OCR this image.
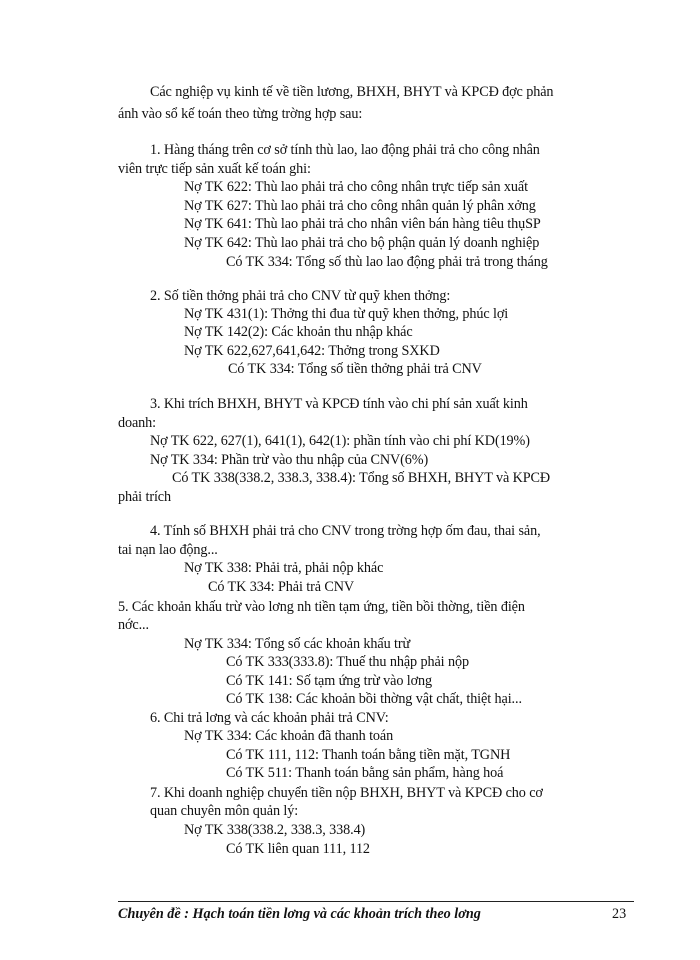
Các nghiệp vụ kinh tế về tiền lương, BHXH, BHYT và KPCĐ đợc phản
ánh vào sổ kế toán theo từng trờng hợp sau:
1. Hàng tháng trên cơ sở tính thù lao, lao động phải trả cho công nhân
viên trực tiếp sản xuất kế toán ghi:
Nợ TK 622: Thù lao phải trả cho công nhân trực tiếp sản xuất
Nợ TK 627: Thù lao phải trả cho công nhân quản lý phân xởng
Nợ TK 641: Thù lao phải trả cho nhân viên bán hàng tiêu thụSP
Nợ TK 642: Thù lao phải trả cho bộ phận quản lý doanh nghiệp
Có TK 334: Tổng số thù lao lao động phải trả trong tháng
2. Số tiền thởng phải trả cho CNV từ quỹ khen thởng:
Nợ TK 431(1): Thởng thi đua từ quỹ khen thởng, phúc lợi
Nợ TK 142(2): Các khoản thu nhập khác
Nợ TK 622,627,641,642: Thởng trong SXKD
Có TK 334: Tổng số tiền thởng phải trả CNV
3. Khi trích BHXH, BHYT và KPCĐ tính vào chi phí sản xuất kinh
doanh:
Nợ TK 622, 627(1), 641(1), 642(1): phần tính vào chi phí KD(19%)
Nợ TK 334: Phần trừ vào thu nhập của CNV(6%)
Có TK 338(338.2, 338.3, 338.4): Tổng số BHXH, BHYT và KPCĐ
phải trích
4. Tính số BHXH phải trả cho CNV trong trờng hợp ốm đau, thai sản,
tai nạn lao động...
Nợ TK 338: Phải trả, phải nộp khác
Có TK 334: Phải trả CNV
5. Các khoản khấu trừ vào lơng nh tiền tạm ứng, tiền bồi thờng, tiền điện
nớc...
Nợ TK 334: Tổng số các khoản khấu trừ
Có TK 333(333.8): Thuế thu nhập phải nộp
Có TK 141: Số tạm ứng trừ vào lơng
Có TK 138: Các khoản bồi thờng vật chất, thiệt hại...
6. Chi trả lơng và các khoản phải trả CNV:
Nợ TK 334: Các khoản đã thanh toán
Có TK 111, 112: Thanh toán bằng tiền mặt, TGNH
Có TK 511: Thanh toán bằng sản phẩm, hàng hoá
7. Khi doanh nghiệp chuyển tiền nộp BHXH, BHYT và KPCĐ cho cơ
quan chuyên môn quản lý:
Nợ TK 338(338.2, 338.3, 338.4)
Có TK liên quan 111, 112
Chuyên đề : Hạch toán tiền lơng và các khoản trích theo lơng	23
